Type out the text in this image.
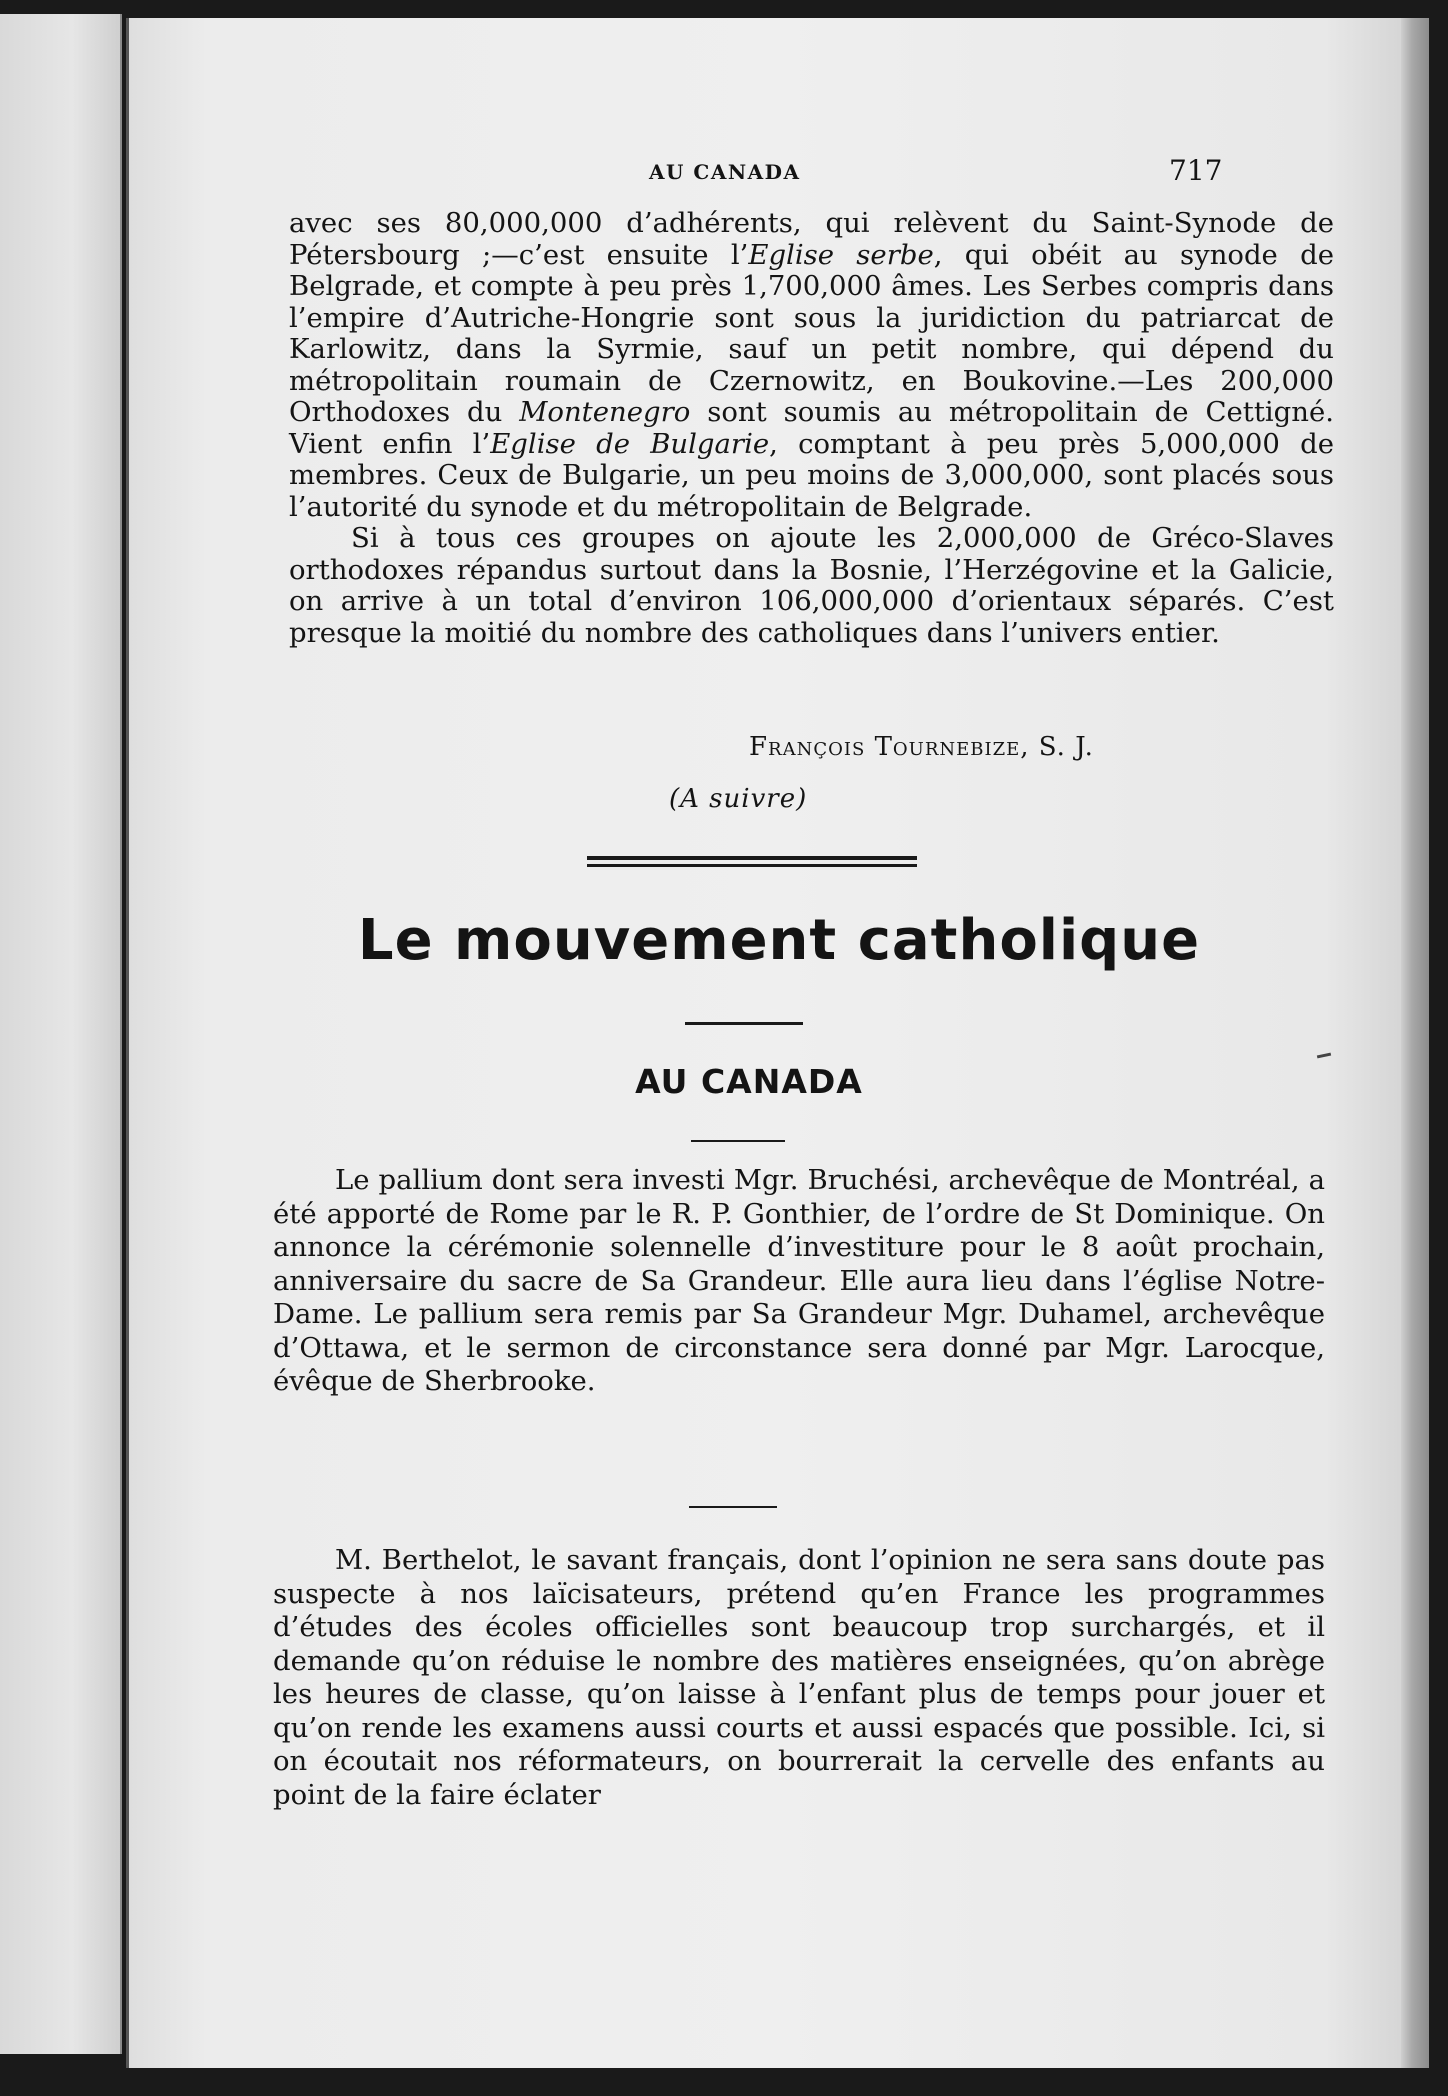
AU CANADA	717

avec ses 80,000,000 d’adhérents, qui relèvent du Saint-Synode de Pétersbourg ;—c’est ensuite l’Eglise serbe, qui obéit au synode de Belgrade, et compte à peu près 1,700,000 âmes. Les Serbes compris dans l’empire d’Autriche-Hongrie sont sous la juridiction du patriarcat de Karlowitz, dans la Syrmie, sauf un petit nombre, qui dépend du métropolitain roumain de Czernowitz, en Boukovine.—Les 200,000 Orthodoxes du Montenegro sont soumis au métropolitain de Cettigné. Vient enfin l’Eglise de Bulgarie, comptant à peu près 5,000,000 de membres. Ceux de Bulgarie, un peu moins de 3,000,000, sont placés sous l’autorité du synode et du métropolitain de Belgrade.

Si à tous ces groupes on ajoute les 2,000,000 de Gréco-Slaves orthodoxes répandus surtout dans la Bosnie, l’Herzégovine et la Galicie, on arrive à un total d’environ 106,000,000 d’orientaux séparés. C’est presque la moitié du nombre des catholiques dans l’univers entier.

François Tournebize, S. J.
(A suivre)
Le mouvement catholique
AU CANADA

Le pallium dont sera investi Mgr. Bruchési, archevêque de Montréal, a été apporté de Rome par le R. P. Gonthier, de l’ordre de St Dominique. On annonce la cérémonie solennelle d’investiture pour le 8 août prochain, anniversaire du sacre de Sa Grandeur. Elle aura lieu dans l’église Notre-Dame. Le pallium sera remis par Sa Grandeur Mgr. Duhamel, archevêque d’Ottawa, et le sermon de circonstance sera donné par Mgr. Larocque, évêque de Sherbrooke.

M. Berthelot, le savant français, dont l’opinion ne sera sans doute pas suspecte à nos laïcisateurs, prétend qu’en France les programmes d’études des écoles officielles sont beaucoup trop surchargés, et il demande qu’on réduise le nombre des matières enseignées, qu’on abrège les heures de classe, qu’on laisse à l’enfant plus de temps pour jouer et qu’on rende les examens aussi courts et aussi espacés que possible. Ici, si on écoutait nos réformateurs, on bourrerait la cervelle des enfants au point de la faire éclater
